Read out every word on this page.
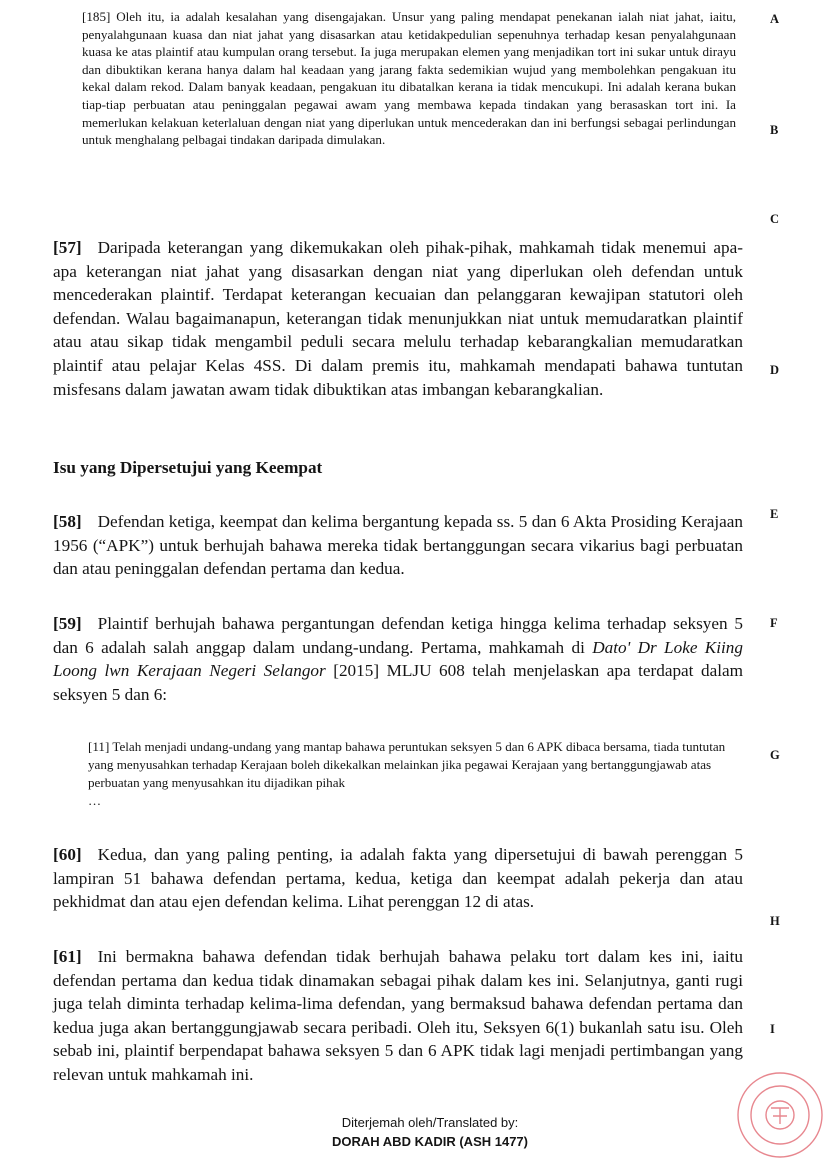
[185] Oleh itu, ia adalah kesalahan yang disengajakan. Unsur yang paling mendapat penekanan ialah niat jahat, iaitu, penyalahgunaan kuasa dan niat jahat yang disasarkan atau ketidakpedulian sepenuhnya terhadap kesan penyalahgunaan kuasa ke atas plaintif atau kumpulan orang tersebut. Ia juga merupakan elemen yang menjadikan tort ini sukar untuk dirayu dan dibuktikan kerana hanya dalam hal keadaan yang jarang fakta sedemikian wujud yang membolehkan pengakuan itu kekal dalam rekod. Dalam banyak keadaan, pengakuan itu dibatalkan kerana ia tidak mencukupi. Ini adalah kerana bukan tiap-tiap perbuatan atau peninggalan pegawai awam yang membawa kepada tindakan yang berasaskan tort ini. Ia memerlukan kelakuan keterlaluan dengan niat yang diperlukan untuk mencederakan dan ini berfungsi sebagai perlindungan untuk menghalang pelbagai tindakan daripada dimulakan.

[57] Daripada keterangan yang dikemukakan oleh pihak-pihak, mahkamah tidak menemui apa-apa keterangan niat jahat yang disasarkan dengan niat yang diperlukan oleh defendan untuk mencederakan plaintif. Terdapat keterangan kecuaian dan pelanggaran kewajipan statutori oleh defendan. Walau bagaimanapun, keterangan tidak menunjukkan niat untuk memudaratkan plaintif atau atau sikap tidak mengambil peduli secara melulu terhadap kebarangkalian memudaratkan plaintif atau pelajar Kelas 4SS. Di dalam premis itu, mahkamah mendapati bahawa tuntutan misfesans dalam jawatan awam tidak dibuktikan atas imbangan kebarangkalian.

Isu yang Dipersetujui yang Keempat

[58] Defendan ketiga, keempat dan kelima bergantung kepada ss. 5 dan 6 Akta Prosiding Kerajaan 1956 (“APK”) untuk berhujah bahawa mereka tidak bertanggungan secara vikarius bagi perbuatan dan atau peninggalan defendan pertama dan kedua.

[59] Plaintif berhujah bahawa pergantungan defendan ketiga hingga kelima terhadap seksyen 5 dan 6 adalah salah anggap dalam undang-undang. Pertama, mahkamah di Dato' Dr Loke Kiing Loong lwn Kerajaan Negeri Selangor [2015] MLJU 608 telah menjelaskan apa terdapat dalam seksyen 5 dan 6:

[11] Telah menjadi undang-undang yang mantap bahawa peruntukan seksyen 5 dan 6 APK dibaca bersama, tiada tuntutan yang menyusahkan terhadap Kerajaan boleh dikekalkan melainkan jika pegawai Kerajaan yang bertanggungjawab atas perbuatan yang menyusahkan itu dijadikan pihak
…

[60] Kedua, dan yang paling penting, ia adalah fakta yang dipersetujui di bawah perenggan 5 lampiran 51 bahawa defendan pertama, kedua, ketiga dan keempat adalah pekerja dan atau pekhidmat dan atau ejen defendan kelima. Lihat perenggan 12 di atas.

[61] Ini bermakna bahawa defendan tidak berhujah bahawa pelaku tort dalam kes ini, iaitu defendan pertama dan kedua tidak dinamakan sebagai pihak dalam kes ini. Selanjutnya, ganti rugi juga telah diminta terhadap kelima-lima defendan, yang bermaksud bahawa defendan pertama dan kedua juga akan bertanggungjawab secara peribadi. Oleh itu, Seksyen 6(1) bukanlah satu isu. Oleh sebab ini, plaintif berpendapat bahawa seksyen 5 dan 6 APK tidak lagi menjadi pertimbangan yang relevan untuk mahkamah ini.

A
B
C
D
E
F
G
H
I
Diterjemah oleh/Translated by:
DORAH ABD KADIR (ASH 1477)
